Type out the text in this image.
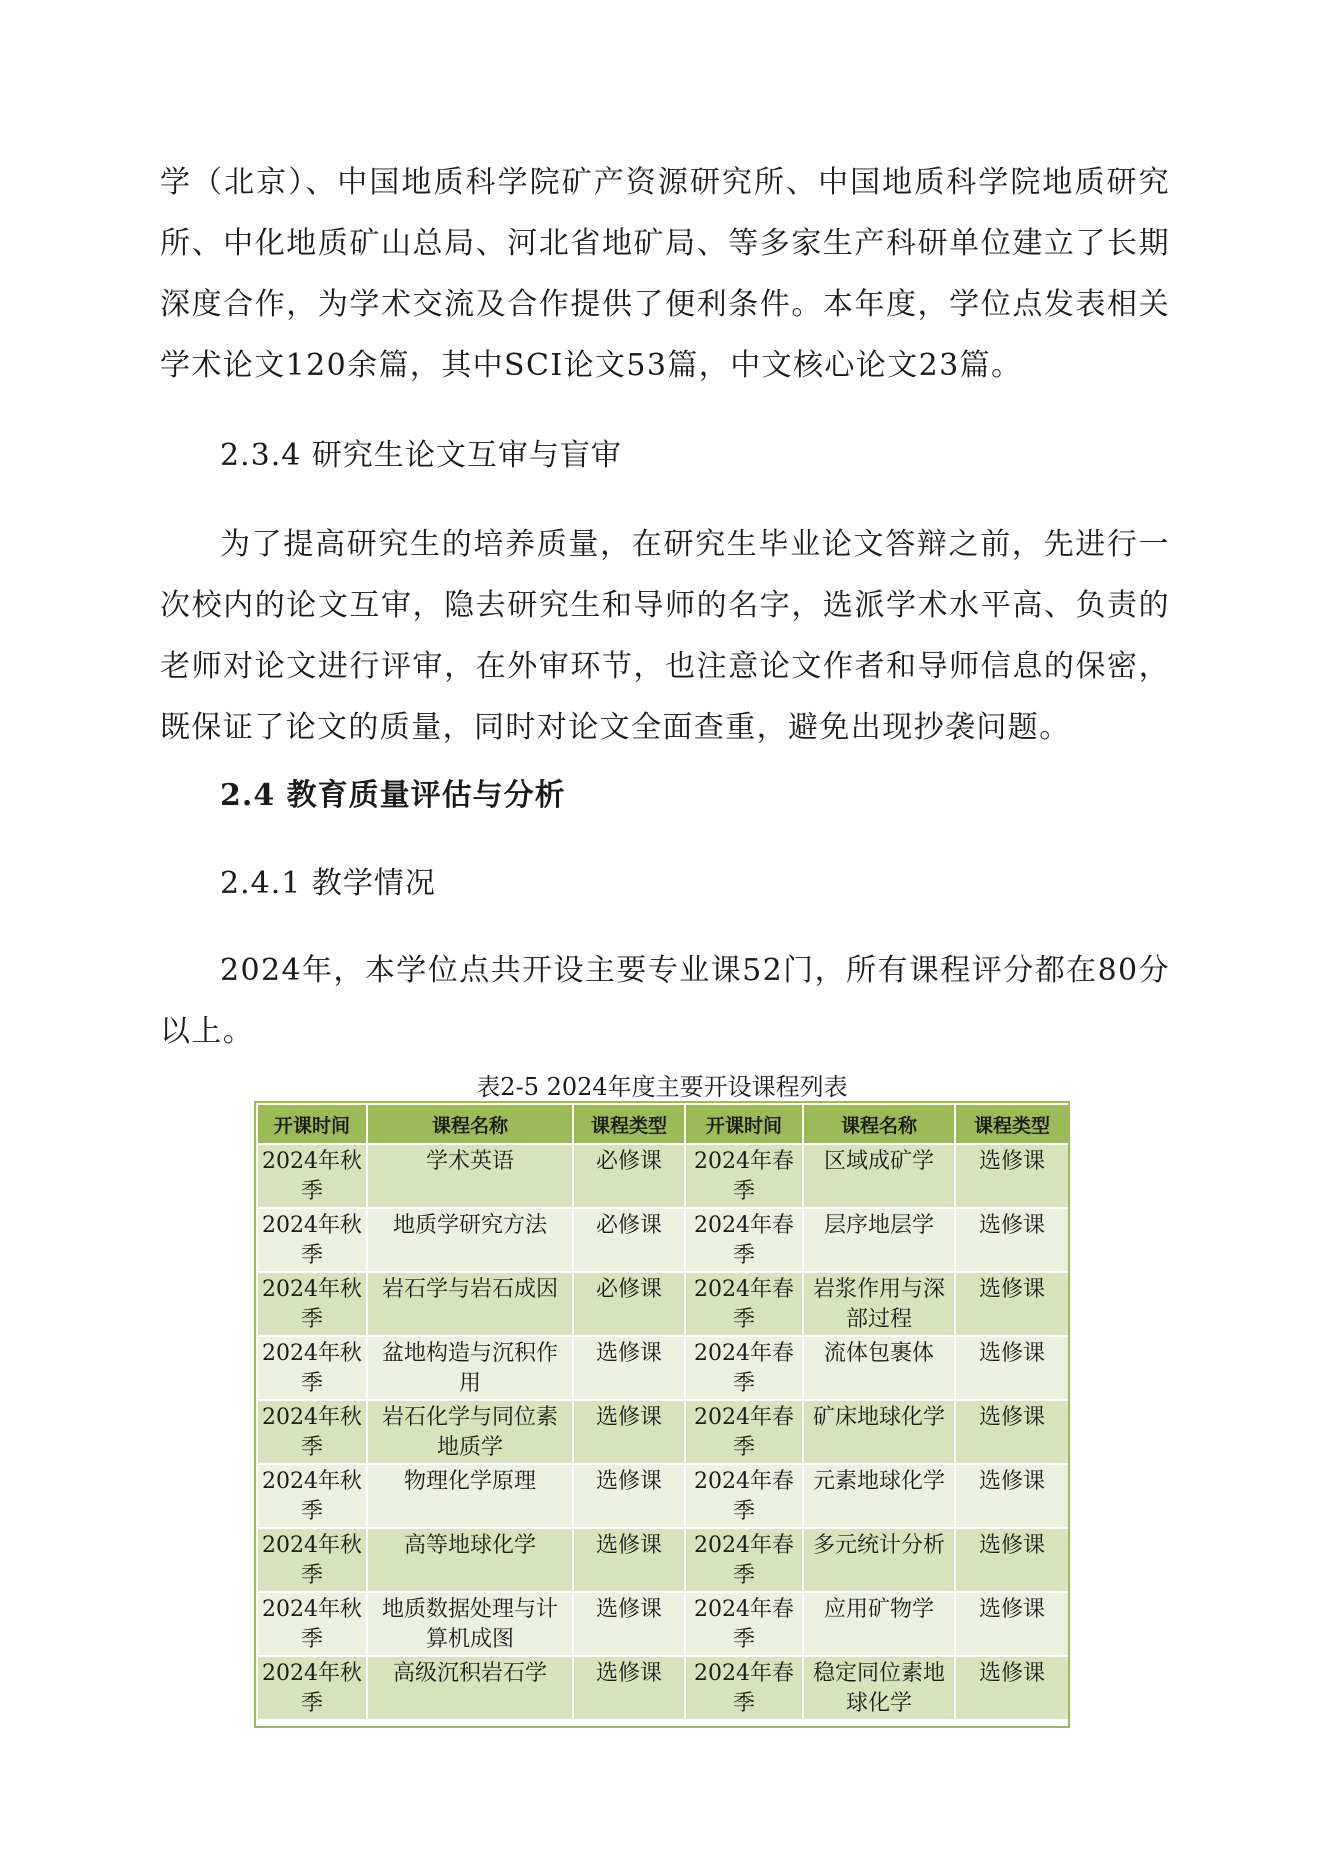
学（北京）、中国地质科学院矿产资源研究所、中国地质科学院地质研究所、中化地质矿山总局、河北省地矿局、等多家生产科研单位建立了长期深度合作，为学术交流及合作提供了便利条件。本年度，学位点发表相关学术论文120余篇，其中SCI论文53篇，中文核心论文23篇。

2.3.4 研究生论文互审与盲审

为了提高研究生的培养质量，在研究生毕业论文答辩之前，先进行一次校内的论文互审，隐去研究生和导师的名字，选派学术水平高、负责的老师对论文进行评审，在外审环节，也注意论文作者和导师信息的保密，既保证了论文的质量，同时对论文全面查重，避免出现抄袭问题。

2.4 教育质量评估与分析

2.4.1 教学情况

2024年，本学位点共开设主要专业课52门，所有课程评分都在80分以上。

表2-5 2024年度主要开设课程列表
开课时间	课程名称	课程类型	开课时间	课程名称	课程类型
2024年秋季	学术英语	必修课	2024年春季	区域成矿学	选修课
2024年秋季	地质学研究方法	必修课	2024年春季	层序地层学	选修课
2024年秋季	岩石学与岩石成因	必修课	2024年春季	岩浆作用与深部过程	选修课
2024年秋季	盆地构造与沉积作用	选修课	2024年春季	流体包裹体	选修课
2024年秋季	岩石化学与同位素地质学	选修课	2024年春季	矿床地球化学	选修课
2024年秋季	物理化学原理	选修课	2024年春季	元素地球化学	选修课
2024年秋季	高等地球化学	选修课	2024年春季	多元统计分析	选修课
2024年秋季	地质数据处理与计算机成图	选修课	2024年春季	应用矿物学	选修课
2024年秋季	高级沉积岩石学	选修课	2024年春季	稳定同位素地球化学	选修课
